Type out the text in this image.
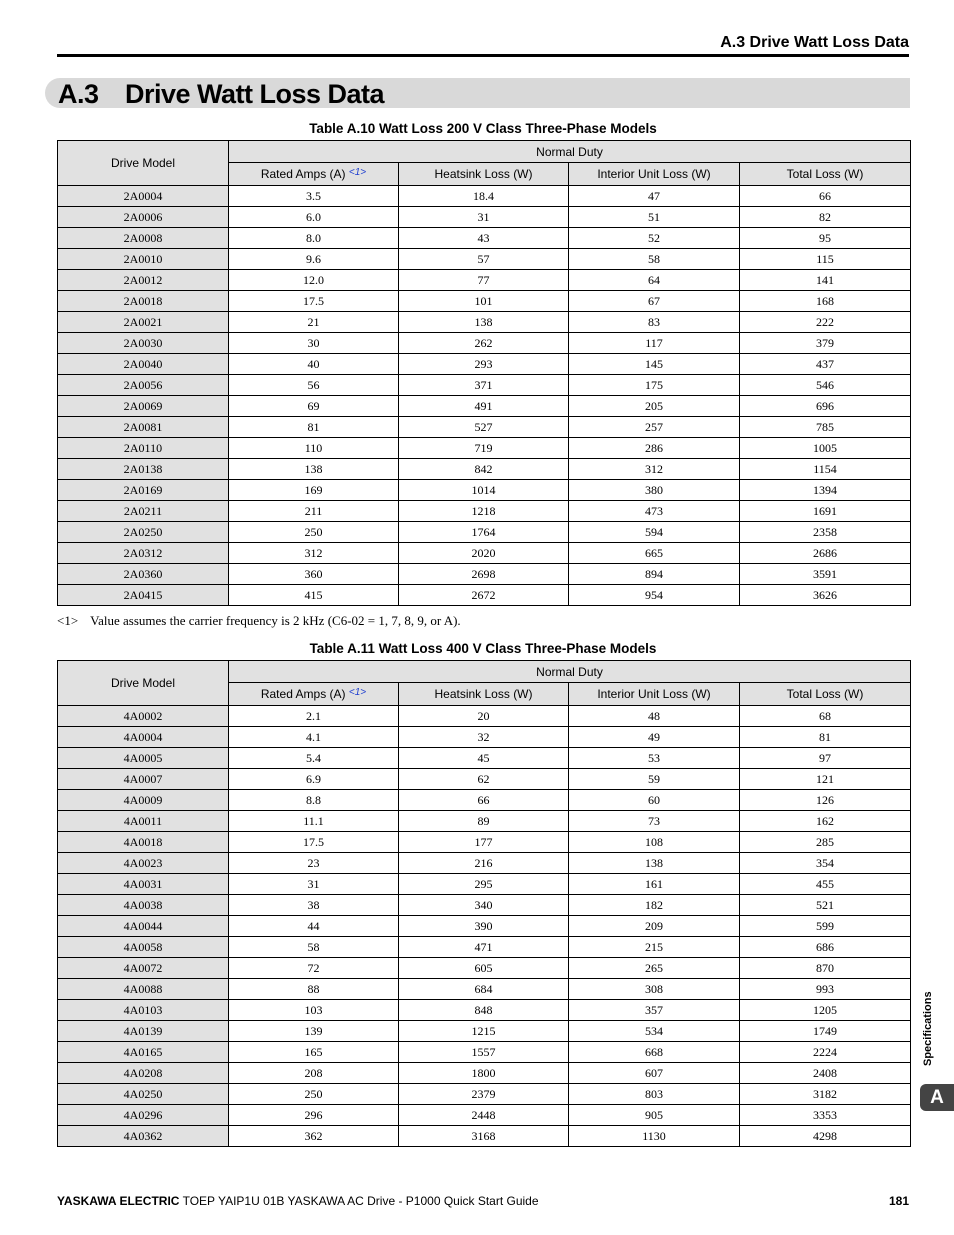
A.3 Drive Watt Loss Data
A.3 Drive Watt Loss Data
Table A.10 Watt Loss 200 V Class Three-Phase Models
Drive Model	Normal Duty			
	Rated Amps (A) $^{<1>}$	Heatsink Loss (W)	Interior Unit Loss (W)	Total Loss (W)
2A0004	3.5	18.4	47	66
2A0006	6.0	31	51	82
2A0008	8.0	43	52	95
2A0010	9.6	57	58	115
2A0012	12.0	77	64	141
2A0018	17.5	101	67	168
2A0021	21	138	83	222
2A0030	30	262	117	379
2A0040	40	293	145	437
2A0056	56	371	175	546
2A0069	69	491	205	696
2A0081	81	527	257	785
2A0110	110	719	286	1005
2A0138	138	842	312	1154
2A0169	169	1014	380	1394
2A0211	211	1218	473	1691
2A0250	250	1764	594	2358
2A0312	312	2020	665	2686
2A0360	360	2698	894	3591
2A0415	415	2672	954	3626
<1> Value assumes the carrier frequency is 2 kHz (C6-02 = 1, 7, 8, 9, or A).
Table A.11 Watt Loss 400 V Class Three-Phase Models
Drive Model	Normal Duty			
	Rated Amps (A) $^{<1>}$	Heatsink Loss (W)	Interior Unit Loss (W)	Total Loss (W)
4A0002	2.1	20	48	68
4A0004	4.1	32	49	81
4A0005	5.4	45	53	97
4A0007	6.9	62	59	121
4A0009	8.8	66	60	126
4A0011	11.1	89	73	162
4A0018	17.5	177	108	285
4A0023	23	216	138	354
4A0031	31	295	161	455
4A0038	38	340	182	521
4A0044	44	390	209	599
4A0058	58	471	215	686
4A0072	72	605	265	870
4A0088	88	684	308	993
4A0103	103	848	357	1205
4A0139	139	1215	534	1749
4A0165	165	1557	668	2224
4A0208	208	1800	607	2408
4A0250	250	2379	803	3182
4A0296	296	2448	905	3353
4A0362	362	3168	1130	4298
Specifications
A
YASKAWA ELECTRIC TOEP YAIP1U 01B YASKAWA AC Drive - P1000 Quick Start Guide	181
